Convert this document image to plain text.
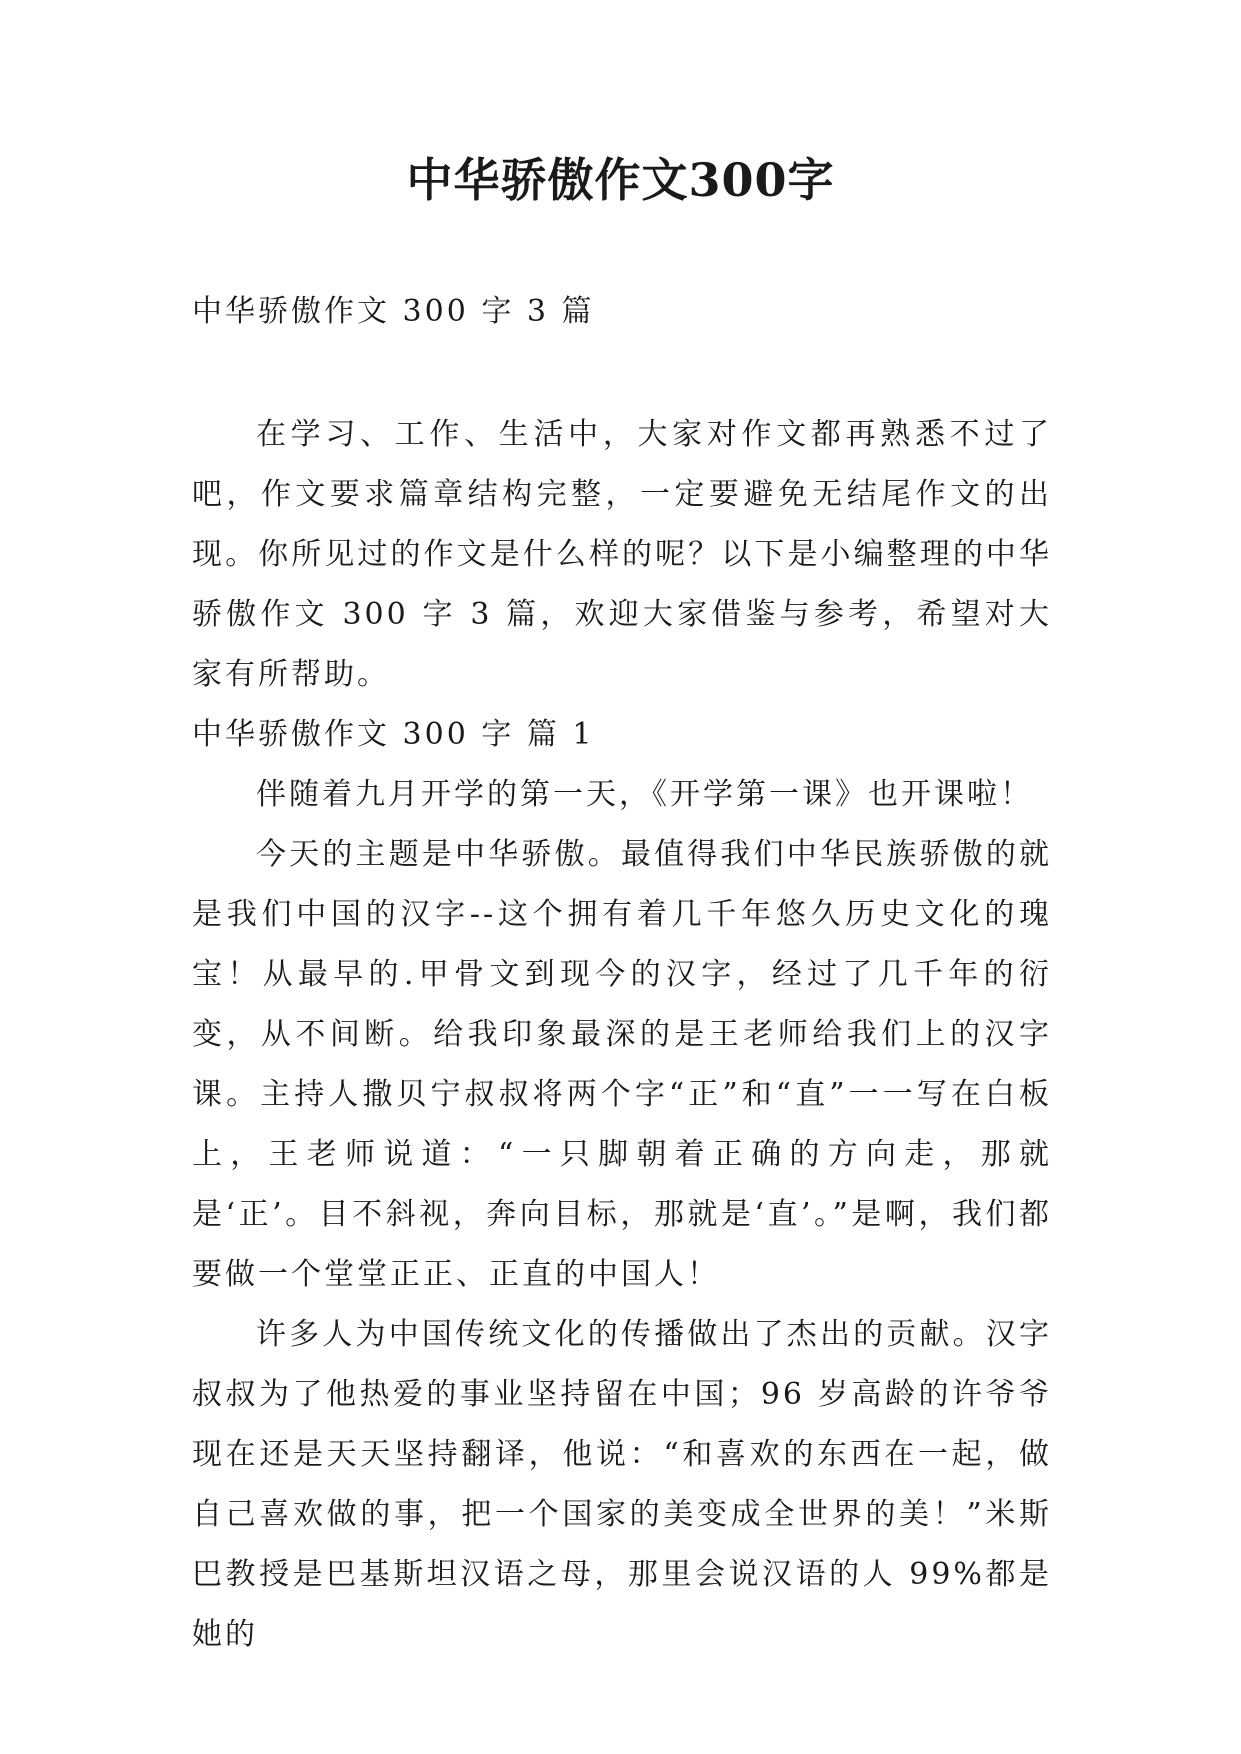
中华骄傲作文300字
中华骄傲作文 300 字 3 篇

在学习、工作、生活中，大家对作文都再熟悉不过了吧，作文要求篇章结构完整，一定要避免无结尾作文的出现。你所见过的作文是什么样的呢？以下是小编整理的中华骄傲作文 300 字 3 篇，欢迎大家借鉴与参考，希望对大家有所帮助。

中华骄傲作文 300 字 篇 1

伴随着九月开学的第一天，《开学第一课》也开课啦！

今天的主题是中华骄傲。最值得我们中华民族骄傲的就是我们中国的汉字--这个拥有着几千年悠久历史文化的瑰宝！从最早的.甲骨文到现今的汉字，经过了几千年的衍变，从不间断。给我印象最深的是王老师给我们上的汉字课。主持人撒贝宁叔叔将两个字“正”和“直”一一写在白板上，王老师说道：“一只脚朝着正确的方向走，那就是‘正’。目不斜视，奔向目标，那就是‘直’。”是啊，我们都要做一个堂堂正正、正直的中国人！

许多人为中国传统文化的传播做出了杰出的贡献。汉字叔叔为了他热爱的事业坚持留在中国；96 岁高龄的许爷爷现在还是天天坚持翻译，他说：“和喜欢的东西在一起，做自己喜欢做的事，把一个国家的美变成全世界的美！”米斯巴教授是巴基斯坦汉语之母，那里会说汉语的人 99%都是她的
